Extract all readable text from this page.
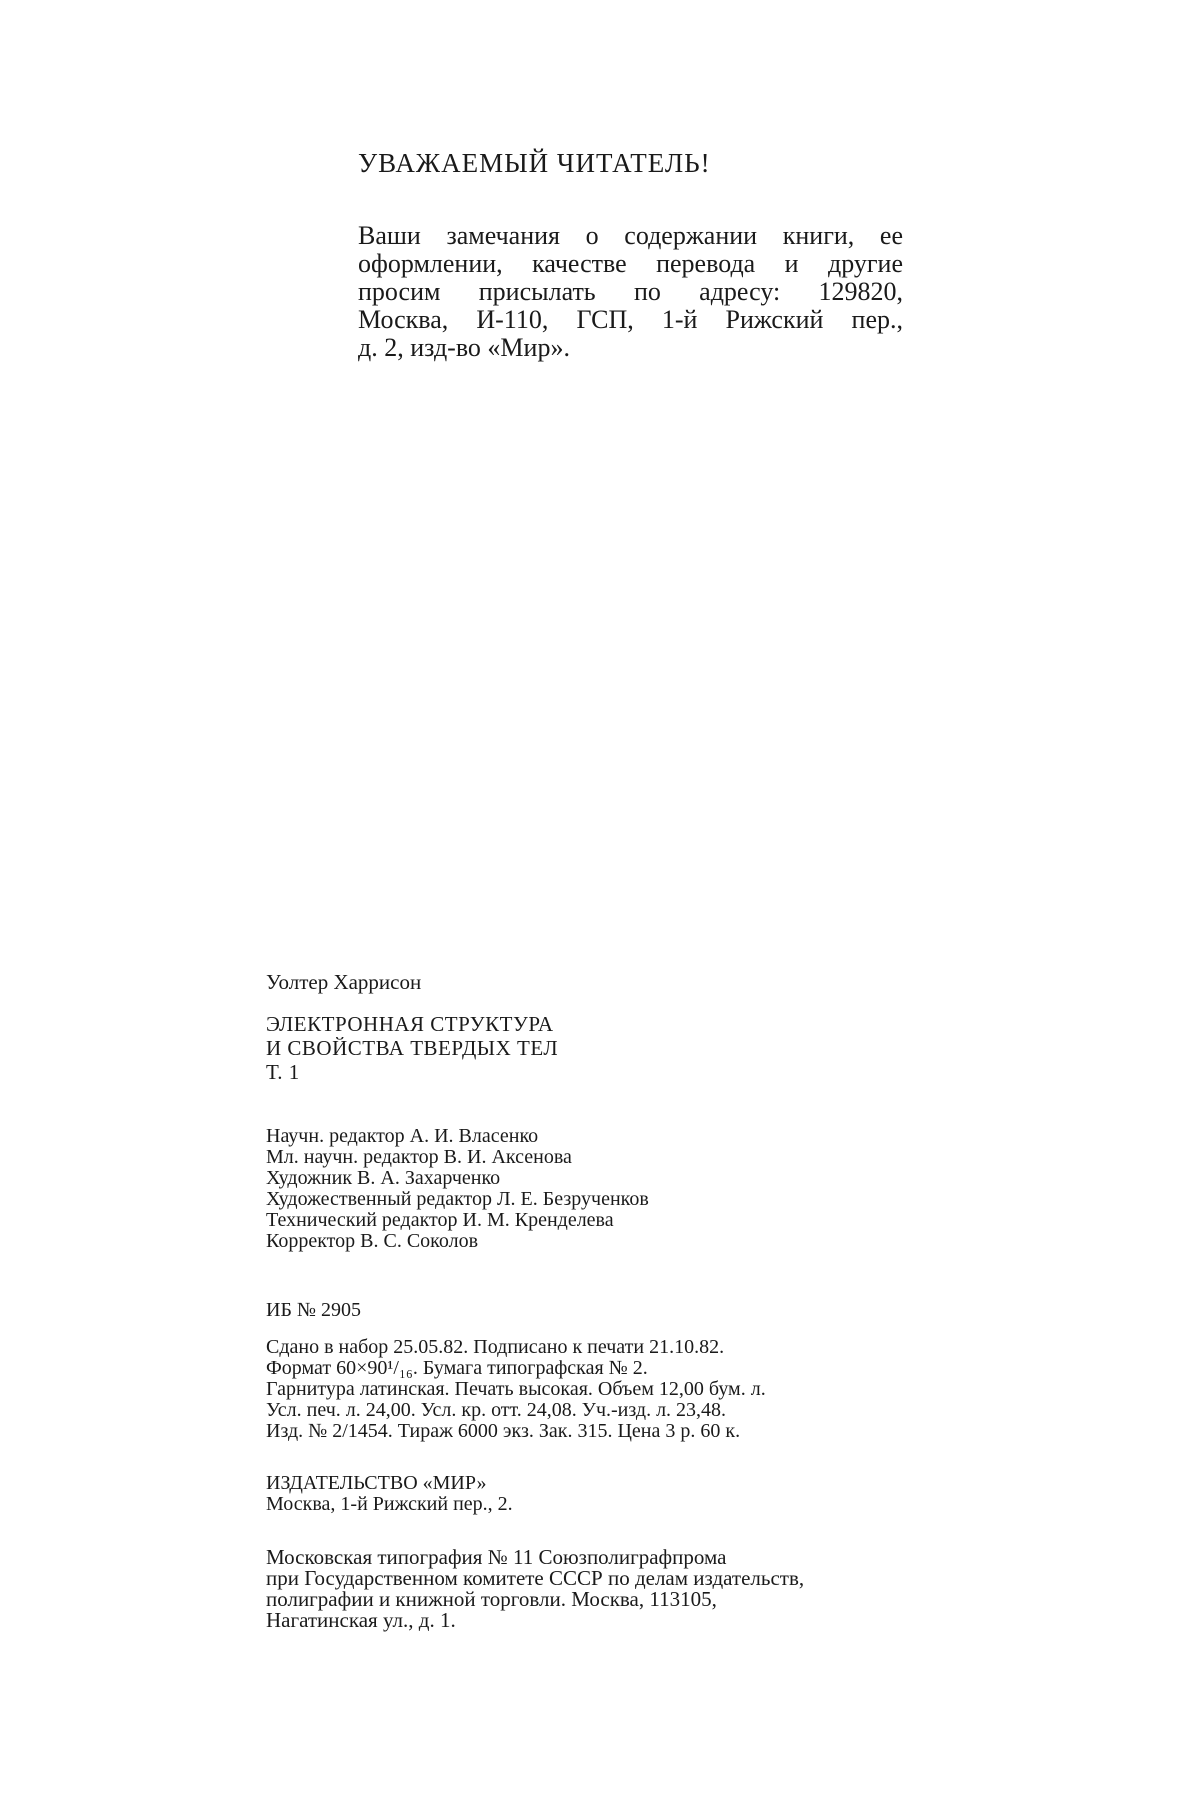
УВАЖАЕМЫЙ ЧИТАТЕЛЬ!
Ваши замечания о содержании книги, ее
оформлении, качестве перевода и другие
просим присылать по адресу: 129820,
Москва, И-110, ГСП, 1-й Рижский пер.,
д. 2, изд-во «Мир».
Уолтер Харрисон
ЭЛЕКТРОННАЯ СТРУКТУРА
И СВОЙСТВА ТВЕРДЫХ ТЕЛ
Т. 1
Научн. редактор А. И. Власенко
Мл. научн. редактор В. И. Аксенова
Художник В. А. Захарченко
Художественный редактор Л. Е. Безрученков
Технический редактор И. М. Кренделева
Корректор В. С. Соколов
ИБ № 2905
Сдано в набор 25.05.82. Подписано к печати 21.10.82.
Формат 60×90¹/₁₆. Бумага типографская № 2.
Гарнитура латинская. Печать высокая. Объем 12,00 бум. л.
Усл. печ. л. 24,00. Усл. кр. отт. 24,08. Уч.-изд. л. 23,48.
Изд. № 2/1454. Тираж 6000 экз. Зак. 315. Цена 3 р. 60 к.
ИЗДАТЕЛЬСТВО «МИР»
Москва, 1-й Рижский пер., 2.
Московская типография № 11 Союзполиграфпрома
при Государственном комитете СССР по делам издательств,
полиграфии и книжной торговли. Москва, 113105,
Нагатинская ул., д. 1.
